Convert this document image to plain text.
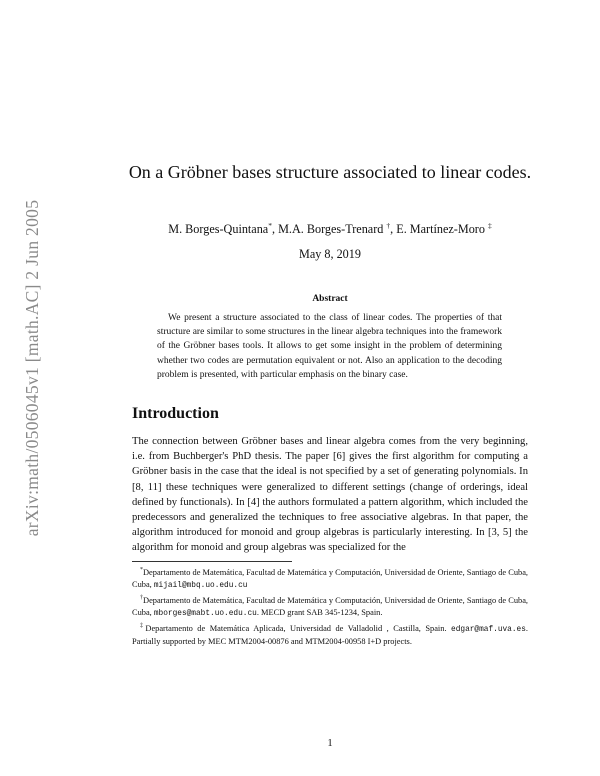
arXiv:math/0506045v1 [math.AC] 2 Jun 2005
On a Gröbner bases structure associated to linear codes.
M. Borges-Quintana*, M.A. Borges-Trenard †, E. Martínez-Moro ‡
May 8, 2019
Abstract

We present a structure associated to the class of linear codes. The properties of that structure are similar to some structures in the linear algebra techniques into the framework of the Gröbner bases tools. It allows to get some insight in the problem of determining whether two codes are permutation equivalent or not. Also an application to the decoding problem is presented, with particular emphasis on the binary case.

Introduction

The connection between Gröbner bases and linear algebra comes from the very beginning, i.e. from Buchberger's PhD thesis. The paper [6] gives the first algorithm for computing a Gröbner basis in the case that the ideal is not specified by a set of generating polynomials. In [8, 11] these techniques were generalized to different settings (change of orderings, ideal defined by functionals). In [4] the authors formulated a pattern algorithm, which included the predecessors and generalized the techniques to free associative algebras. In that paper, the algorithm introduced for monoid and group algebras is particularly interesting. In [3, 5] the algorithm for monoid and group algebras was specialized for the

*Departamento de Matemática, Facultad de Matemática y Computación, Universidad de Oriente, Santiago de Cuba, Cuba, mijail@mbq.uo.edu.cu

†Departamento de Matemática, Facultad de Matemática y Computación, Universidad de Oriente, Santiago de Cuba, Cuba, mborges@mabt.uo.edu.cu. MECD grant SAB 345-1234, Spain.

‡Departamento de Matemática Aplicada, Universidad de Valladolid , Castilla, Spain. edgar@maf.uva.es. Partially supported by MEC MTM2004-00876 and MTM2004-00958 I+D projects.

1
